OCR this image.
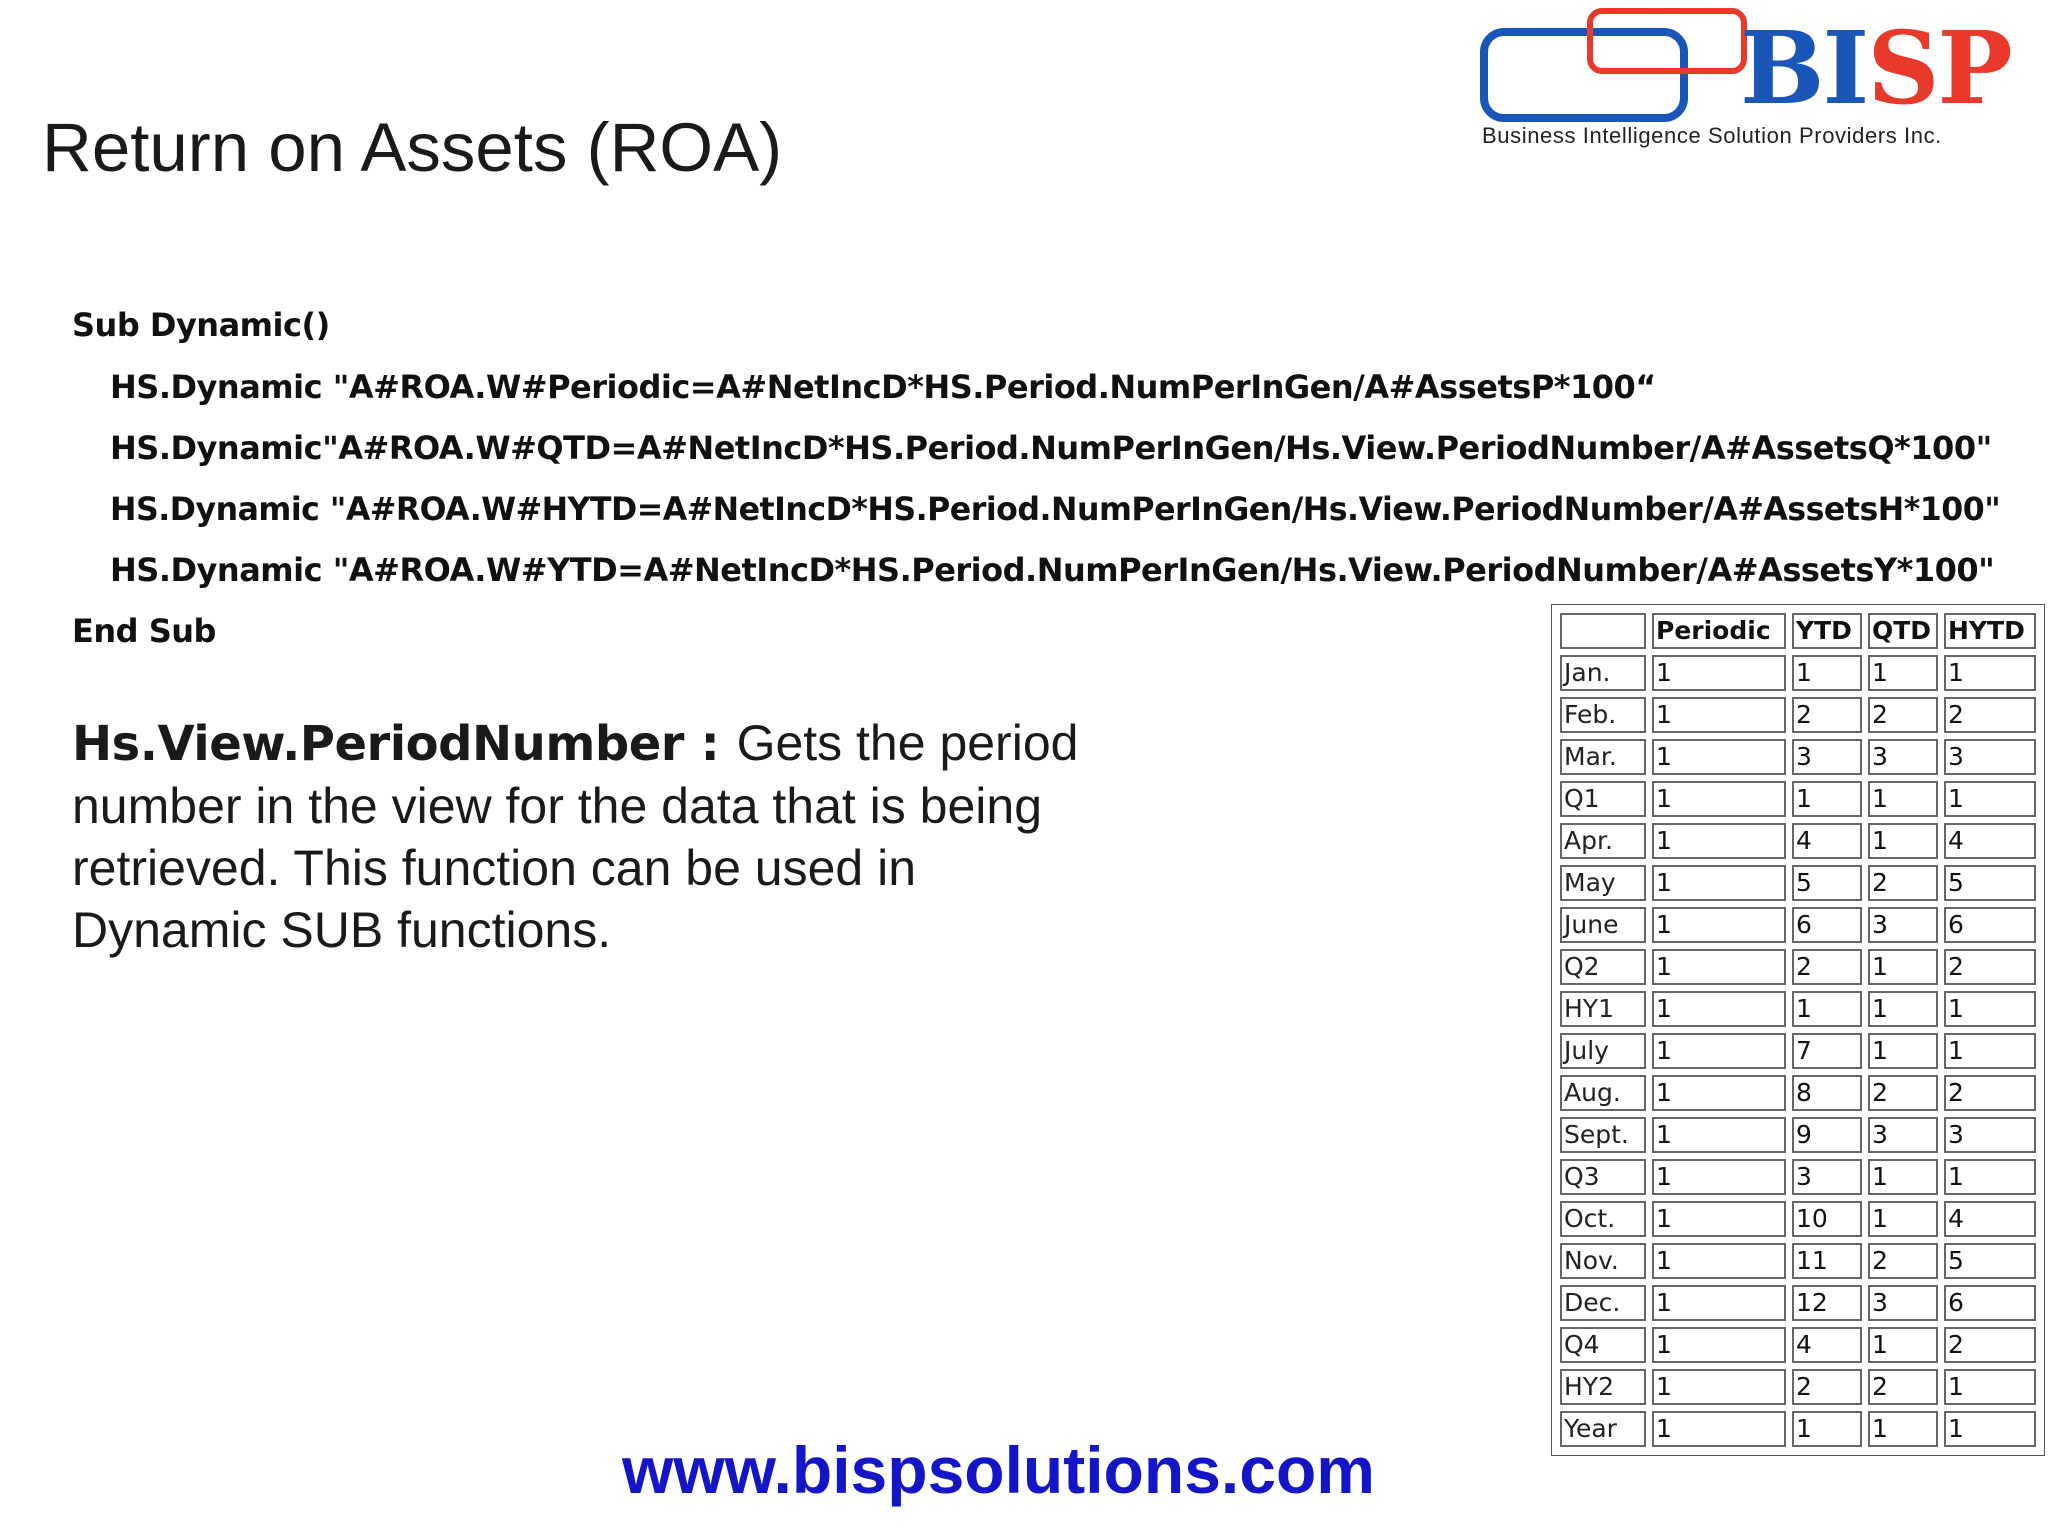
Return on Assets (ROA)
BISP
Business Intelligence Solution Providers Inc.
Sub Dynamic()
HS.Dynamic "A#ROA.W#Periodic=A#NetIncD*HS.Period.NumPerInGen/A#AssetsP*100“
HS.Dynamic"A#ROA.W#QTD=A#NetIncD*HS.Period.NumPerInGen/Hs.View.PeriodNumber/A#AssetsQ*100"
HS.Dynamic "A#ROA.W#HYTD=A#NetIncD*HS.Period.NumPerInGen/Hs.View.PeriodNumber/A#AssetsH*100"
HS.Dynamic "A#ROA.W#YTD=A#NetIncD*HS.Period.NumPerInGen/Hs.View.PeriodNumber/A#AssetsY*100"
End Sub
Hs.View.PeriodNumber : Gets the period number in the view for the data that is being retrieved. This function can be used in Dynamic SUB functions.
	Periodic	YTD	QTD	HYTD
Jan.	1	1	1	1
Feb.	1	2	2	2
Mar.	1	3	3	3
Q1	1	1	1	1
Apr.	1	4	1	4
May	1	5	2	5
June	1	6	3	6
Q2	1	2	1	2
HY1	1	1	1	1
July	1	7	1	1
Aug.	1	8	2	2
Sept.	1	9	3	3
Q3	1	3	1	1
Oct.	1	10	1	4
Nov.	1	11	2	5
Dec.	1	12	3	6
Q4	1	4	1	2
HY2	1	2	2	1
Year	1	1	1	1
www.bispsolutions.com
